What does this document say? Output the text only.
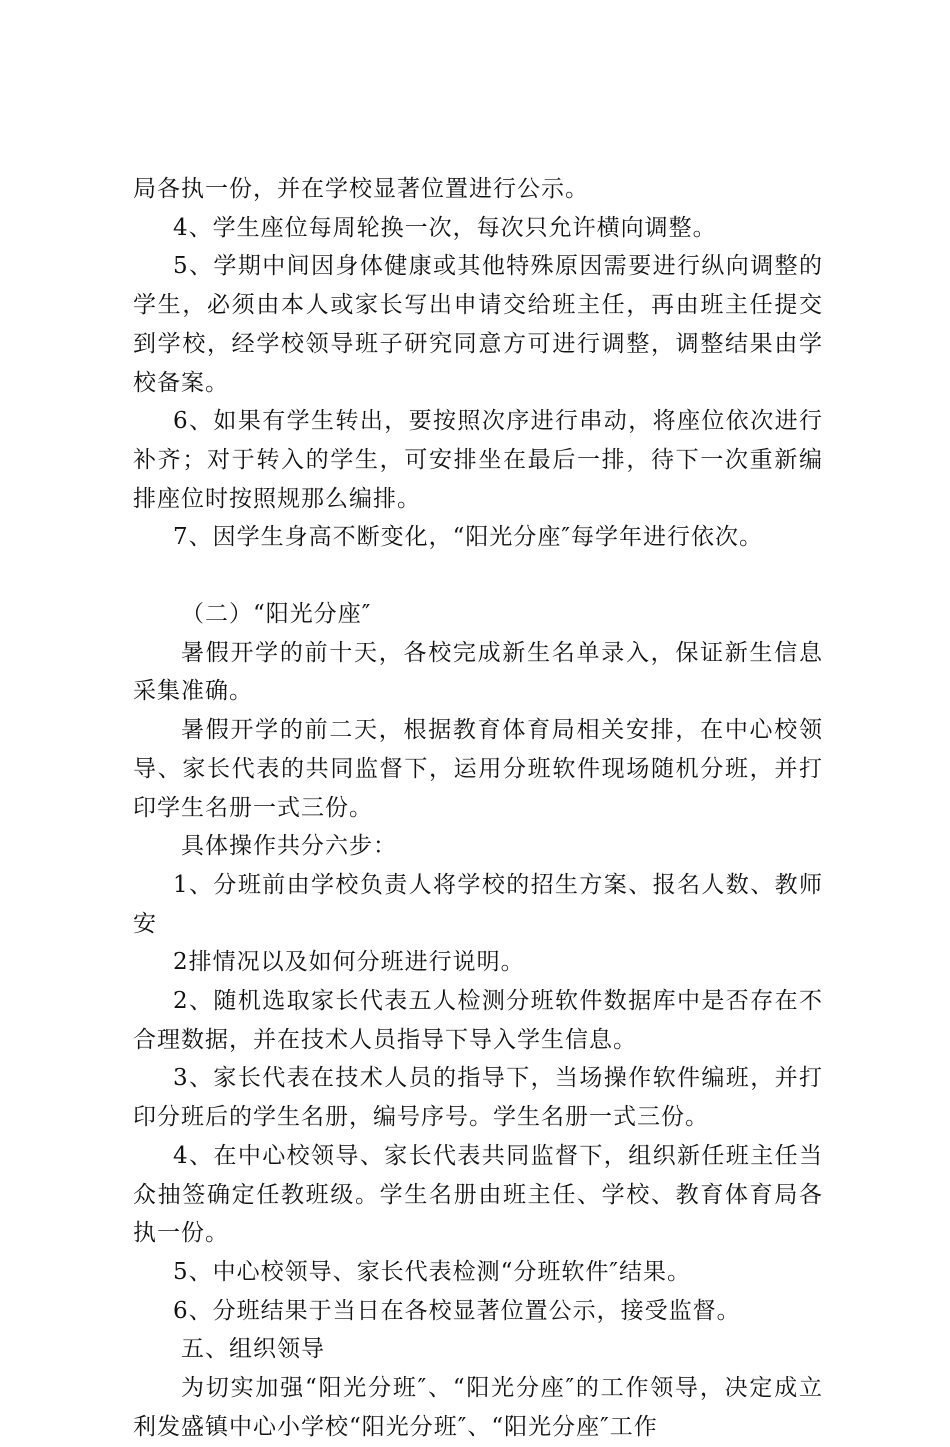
局各执一份，并在学校显著位置进行公示。

4、学生座位每周轮换一次，每次只允许横向调整。

5、学期中间因身体健康或其他特殊原因需要进行纵向调整的学生，必须由本人或家长写出申请交给班主任，再由班主任提交到学校，经学校领导班子研究同意方可进行调整，调整结果由学校备案。

6、如果有学生转出，要按照次序进行串动，将座位依次进行补齐；对于转入的学生，可安排坐在最后一排，待下一次重新编排座位时按照规那么编排。

7、因学生身高不断变化，“阳光分座″每学年进行依次。

（二）“阳光分座″

暑假开学的前十天，各校完成新生名单录入，保证新生信息采集准确。

暑假开学的前二天，根据教育体育局相关安排，在中心校领导、家长代表的共同监督下，运用分班软件现场随机分班，并打印学生名册一式三份。

具体操作共分六步：

1、分班前由学校负责人将学校的招生方案、报名人数、教师安

2排情况以及如何分班进行说明。

2、随机选取家长代表五人检测分班软件数据库中是否存在不合理数据，并在技术人员指导下导入学生信息。

3、家长代表在技术人员的指导下，当场操作软件编班，并打印分班后的学生名册，编号序号。学生名册一式三份。

4、在中心校领导、家长代表共同监督下，组织新任班主任当众抽签确定任教班级。学生名册由班主任、学校、教育体育局各执一份。

5、中心校领导、家长代表检测“分班软件″结果。

6、分班结果于当日在各校显著位置公示，接受监督。

五、组织领导

为切实加强“阳光分班″、“阳光分座″的工作领导，决定成立利发盛镇中心小学校“阳光分班″、“阳光分座″工作
